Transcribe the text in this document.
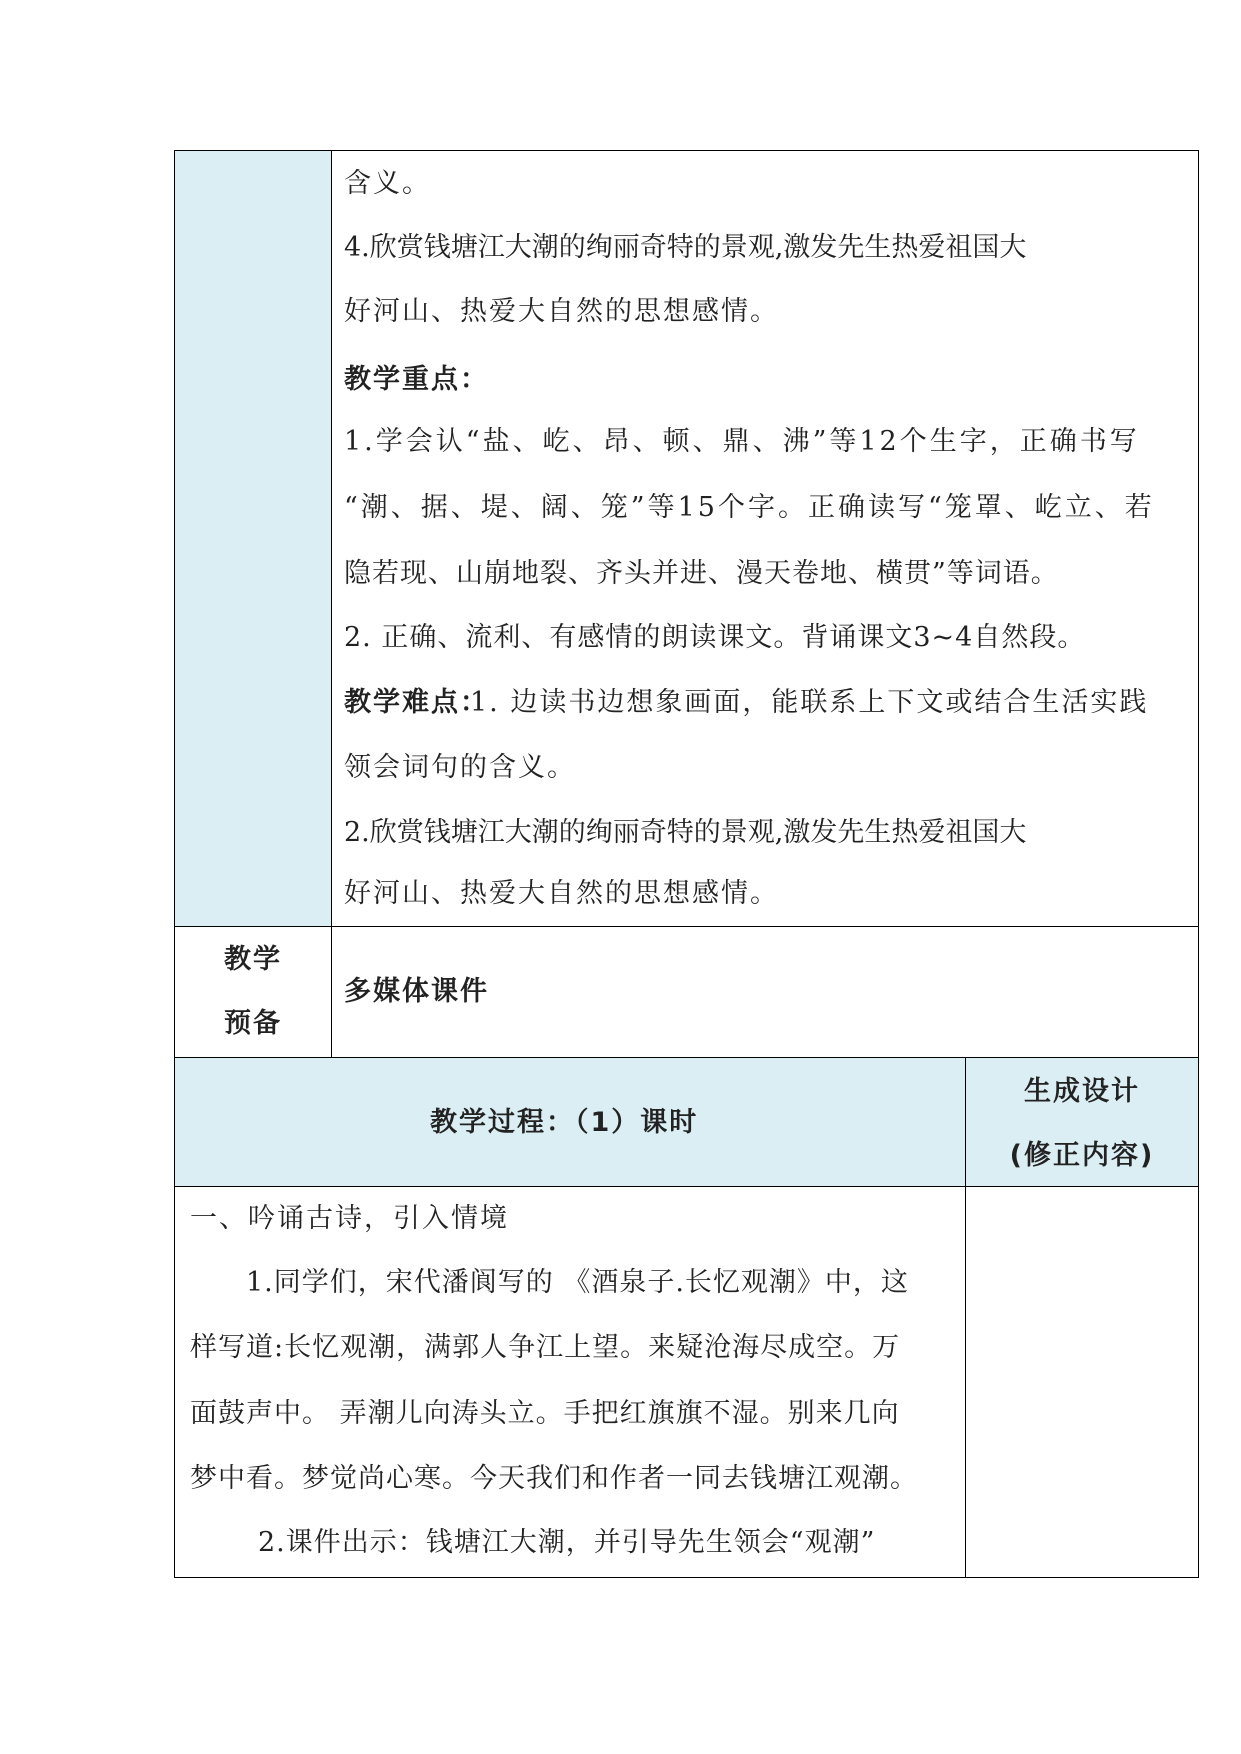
含义。
4.欣赏钱塘江大潮的绚丽奇特的景观,激发先生热爱祖国大
好河山、热爱大自然的思想感情。
教学重点：
1.学会认“盐、屹、昂、顿、鼎、沸”等12个生字，正确书写
“潮、据、堤、阔、笼”等15个字。正确读写“笼罩、屹立、若
隐若现、山崩地裂、齐头并进、漫天卷地、横贯”等词语。
2. 正确、流利、有感情的朗读课文。背诵课文3~4自然段。
教学难点：
1. 边读书边想象画面，能联系上下文或结合生活实践
领会词句的含义。
2.欣赏钱塘江大潮的绚丽奇特的景观,激发先生热爱祖国大
好河山、热爱大自然的思想感情。
教学
预备
多媒体课件
教学过程：（1）课时
生成设计
(修正内容)
一、吟诵古诗，引入情境
1.同学们，宋代潘阆写的 《酒泉子.长忆观潮》中，这
样写道:长忆观潮，满郭人争江上望。来疑沧海尽成空。万
面鼓声中。 弄潮儿向涛头立。手把红旗旗不湿。别来几向
梦中看。梦觉尚心寒。今天我们和作者一同去钱塘江观潮。
2.课件出示：钱塘江大潮，并引导先生领会“观潮”
